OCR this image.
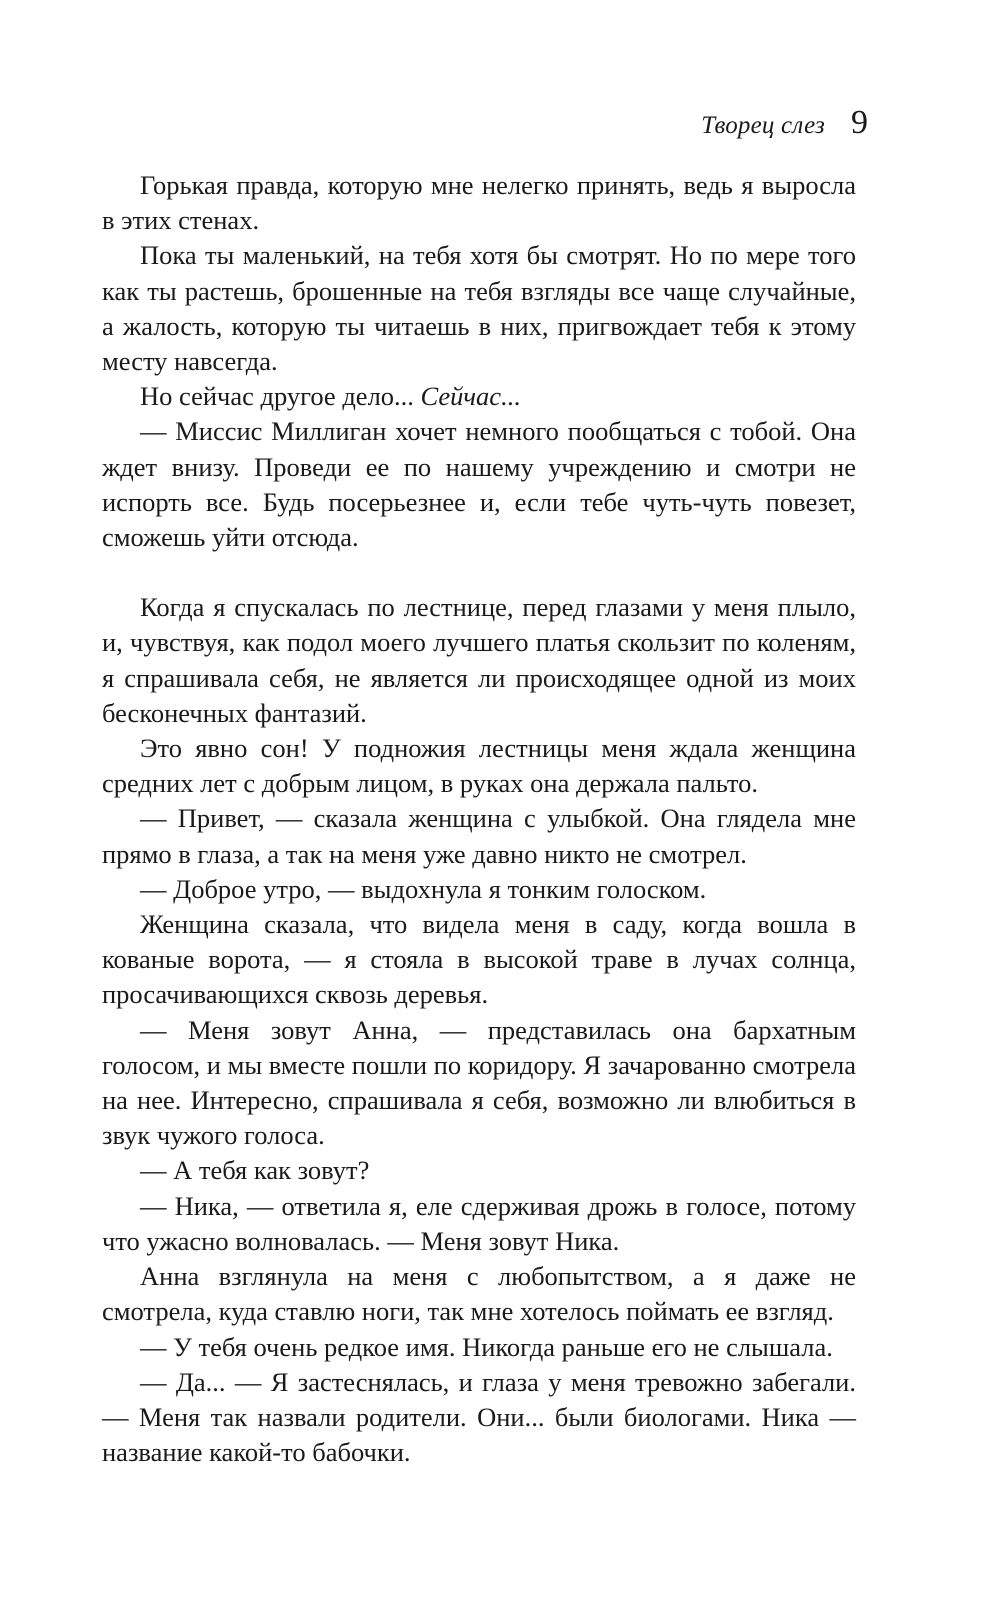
Творец слез 9

Горькая правда, которую мне нелегко принять, ведь я выросла в этих стенах.

Пока ты маленький, на тебя хотя бы смотрят. Но по мере того как ты растешь, брошенные на тебя взгляды все чаще случайные, а жалость, которую ты читаешь в них, пригвождает тебя к этому месту навсегда.

Но сейчас другое дело... Сейчас...

— Миссис Миллиган хочет немного пообщаться с тобой. Она ждет внизу. Проведи ее по нашему учреждению и смотри не испорть все. Будь посерьезнее и, если тебе чуть-чуть повезет, сможешь уйти отсюда.

Когда я спускалась по лестнице, перед глазами у меня плыло, и, чувствуя, как подол моего лучшего платья скользит по коленям, я спрашивала себя, не является ли происходящее одной из моих бесконечных фантазий.

Это явно сон! У подножия лестницы меня ждала женщина средних лет с добрым лицом, в руках она держала пальто.

— Привет, — сказала женщина с улыбкой. Она глядела мне прямо в глаза, а так на меня уже давно никто не смотрел.

— Доброе утро, — выдохнула я тонким голоском.

Женщина сказала, что видела меня в саду, когда вошла в кованые ворота, — я стояла в высокой траве в лучах солнца, просачивающихся сквозь деревья.

— Меня зовут Анна, — представилась она бархатным голосом, и мы вместе пошли по коридору. Я зачарованно смотрела на нее. Интересно, спрашивала я себя, возможно ли влюбиться в звук чужого голоса.

— А тебя как зовут?

— Ника, — ответила я, еле сдерживая дрожь в голосе, потому что ужасно волновалась. — Меня зовут Ника.

Анна взглянула на меня с любопытством, а я даже не смотрела, куда ставлю ноги, так мне хотелось поймать ее взгляд.

— У тебя очень редкое имя. Никогда раньше его не слышала.

— Да... — Я застеснялась, и глаза у меня тревожно забегали. — Меня так назвали родители. Они... были биологами. Ника — название какой-то бабочки.
